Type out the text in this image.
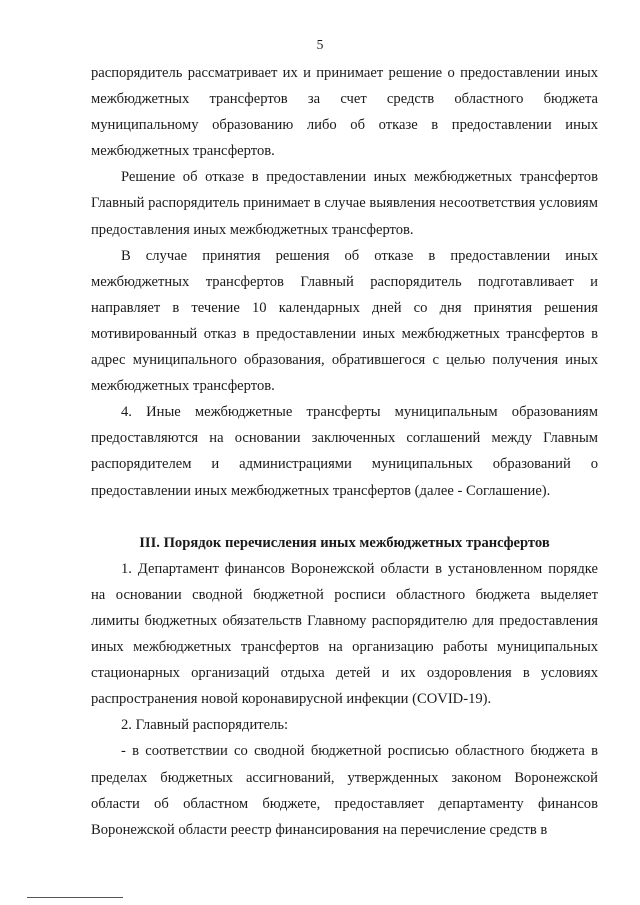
5

распорядитель рассматривает их и принимает решение о предоставлении иных межбюджетных трансфертов за счет средств областного бюджета муниципальному образованию либо об отказе в предоставлении иных межбюджетных трансфертов.

Решение об отказе в предоставлении иных межбюджетных трансфертов Главный распорядитель принимает в случае выявления несоответствия условиям предоставления иных межбюджетных трансфертов.

В случае принятия решения об отказе в предоставлении иных межбюджетных трансфертов Главный распорядитель подготавливает и направляет в течение 10 календарных дней со дня принятия решения мотивированный отказ в предоставлении иных межбюджетных трансфертов в адрес муниципального образования, обратившегося с целью получения иных межбюджетных трансфертов.

4. Иные межбюджетные трансферты муниципальным образованиям предоставляются на основании заключенных соглашений между Главным распорядителем и администрациями муниципальных образований о предоставлении иных межбюджетных трансфертов (далее - Соглашение).

III. Порядок перечисления иных межбюджетных трансфертов

1. Департамент финансов Воронежской области в установленном порядке на основании сводной бюджетной росписи областного бюджета выделяет лимиты бюджетных обязательств Главному распорядителю для предоставления иных межбюджетных трансфертов на организацию работы муниципальных стационарных организаций отдыха детей и их оздоровления в условиях распространения новой коронавирусной инфекции (COVID-19).

2. Главный распорядитель:

- в соответствии со сводной бюджетной росписью областного бюджета в пределах бюджетных ассигнований, утвержденных законом Воронежской области об областном бюджете, предоставляет департаменту финансов Воронежской области реестр финансирования на перечисление средств в
